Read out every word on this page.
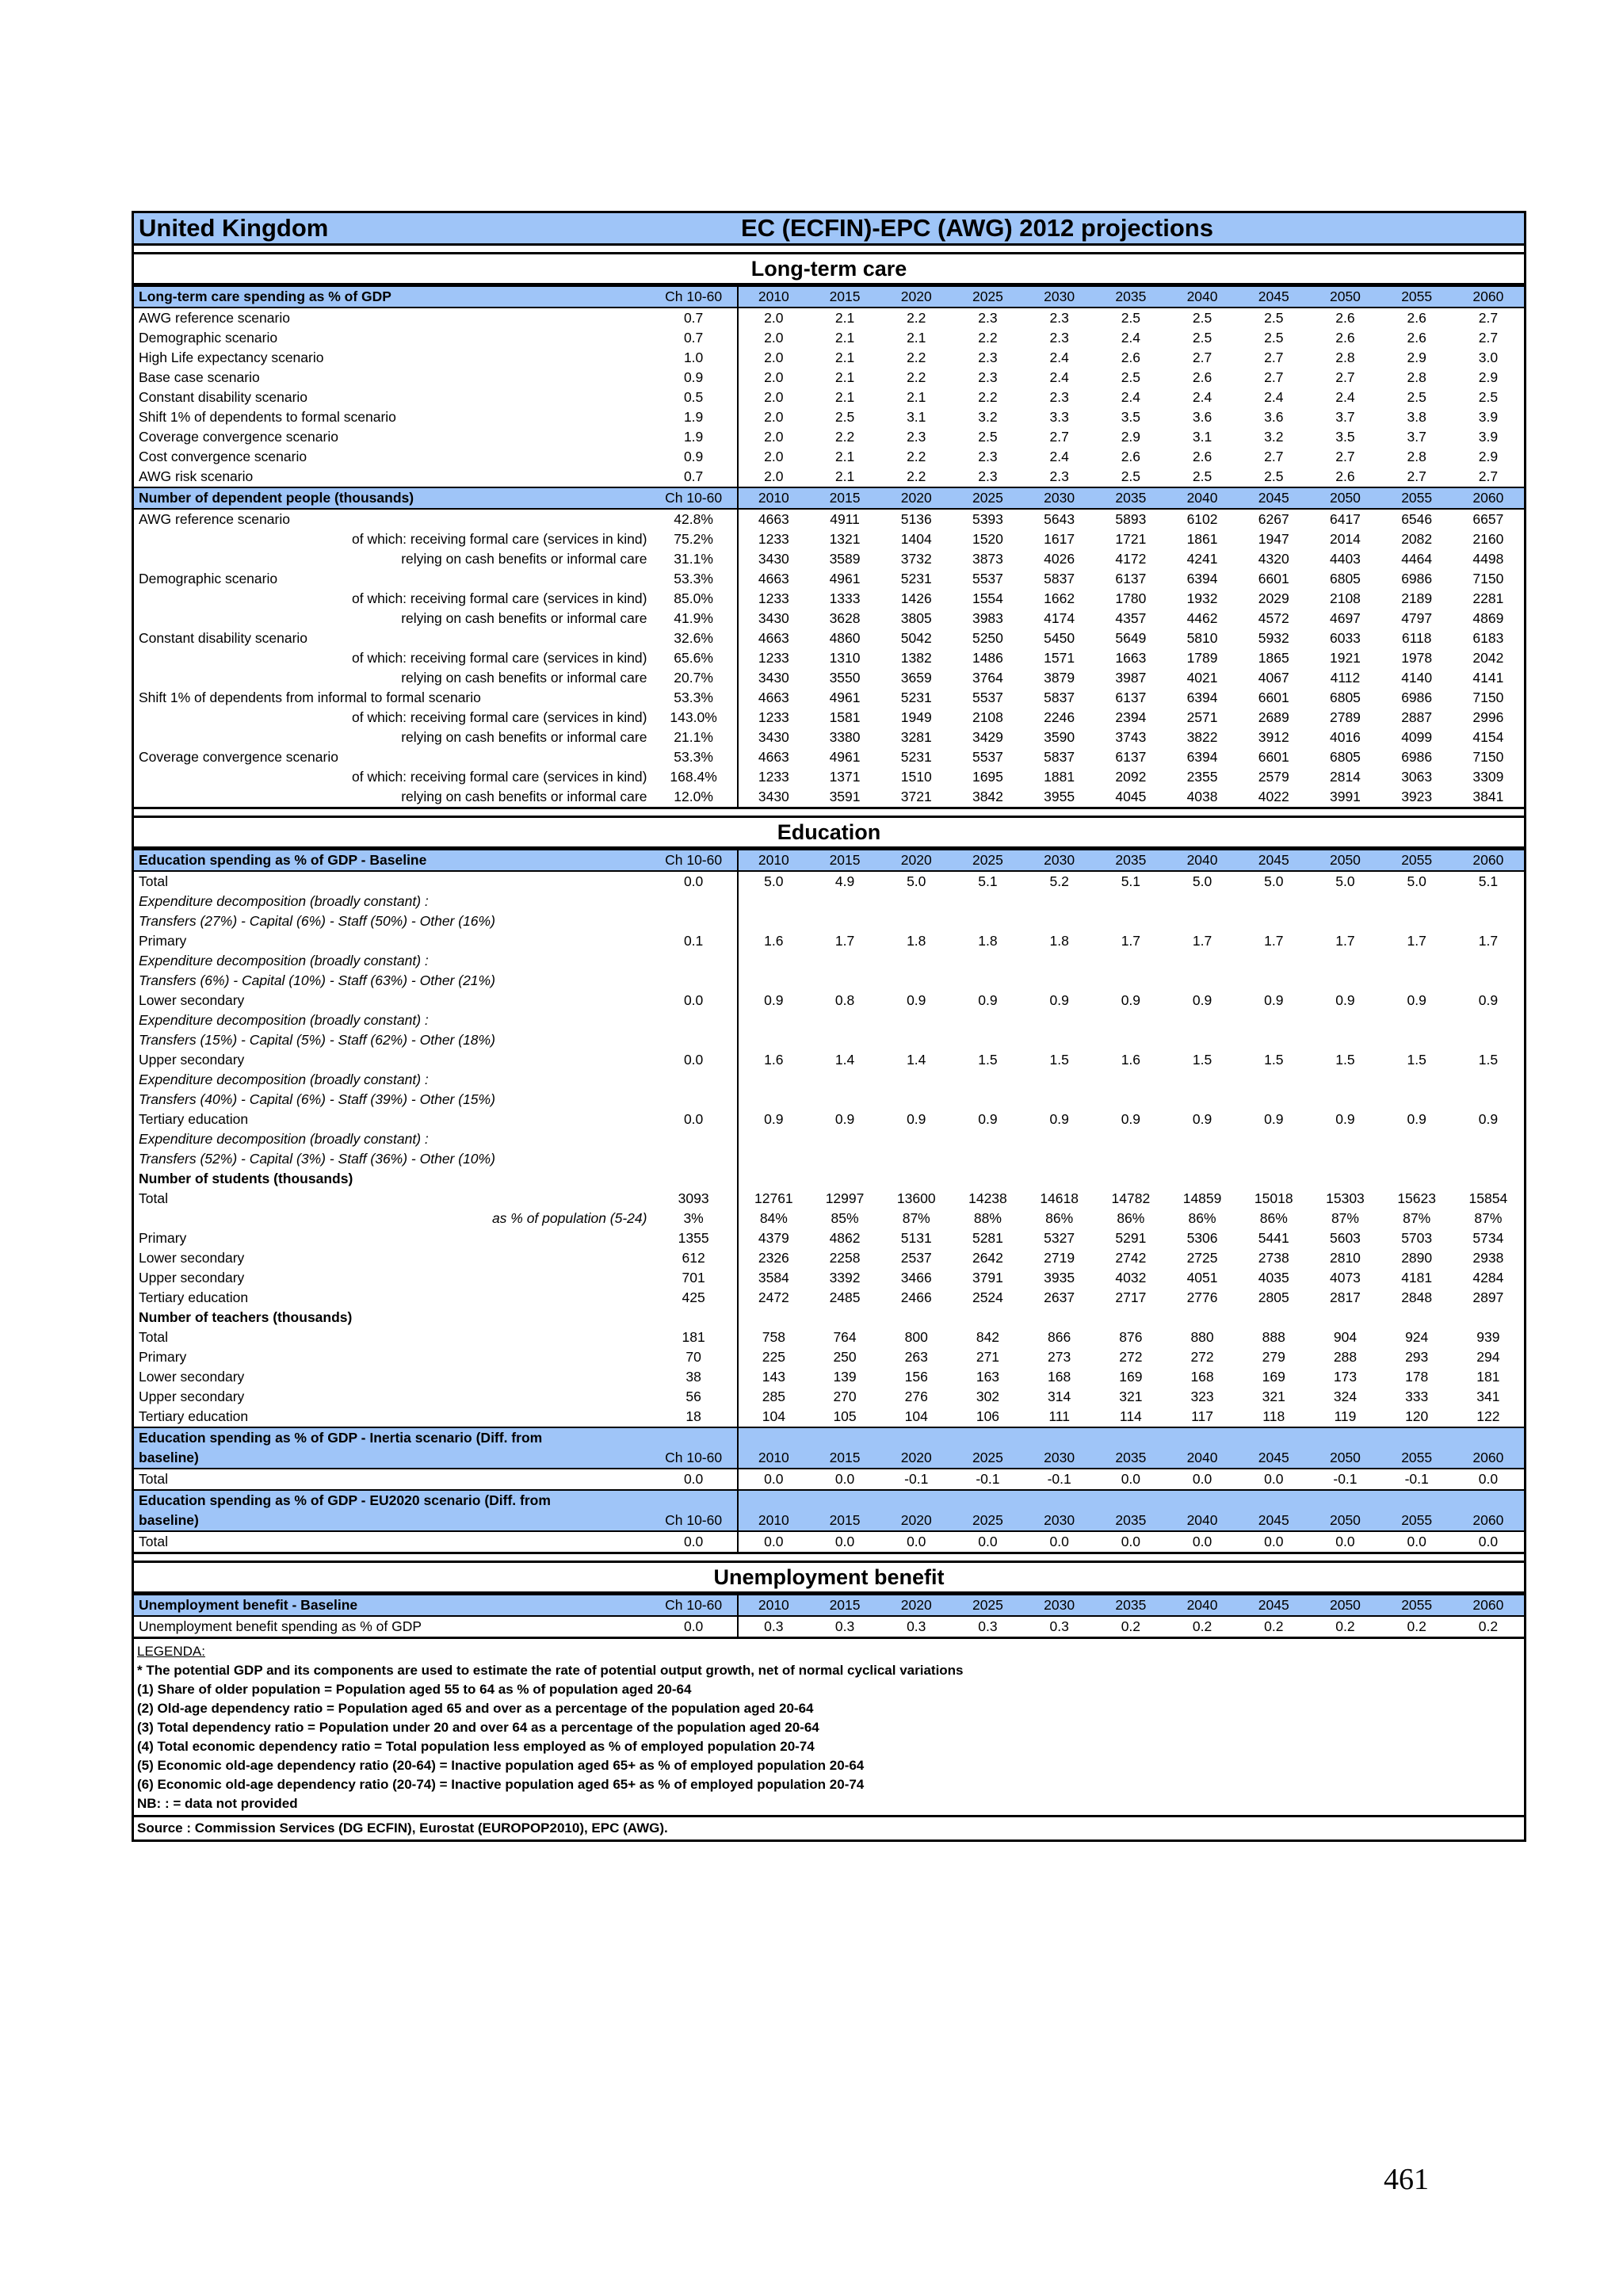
United Kingdom	EC (ECFIN)-EPC (AWG) 2012 projections
Long-term care
Long-term care spending as % of GDP	Ch 10-60	2010	2015	2020	2025	2030	2035	2040	2045	2050	2055	2060
AWG reference scenario	0.7	2.0	2.1	2.2	2.3	2.3	2.5	2.5	2.5	2.6	2.6	2.7
Demographic scenario	0.7	2.0	2.1	2.1	2.2	2.3	2.4	2.5	2.5	2.6	2.6	2.7
High Life expectancy scenario	1.0	2.0	2.1	2.2	2.3	2.4	2.6	2.7	2.7	2.8	2.9	3.0
Base case scenario	0.9	2.0	2.1	2.2	2.3	2.4	2.5	2.6	2.7	2.7	2.8	2.9
Constant disability scenario	0.5	2.0	2.1	2.1	2.2	2.3	2.4	2.4	2.4	2.4	2.5	2.5
Shift 1% of dependents to formal scenario	1.9	2.0	2.5	3.1	3.2	3.3	3.5	3.6	3.6	3.7	3.8	3.9
Coverage convergence scenario	1.9	2.0	2.2	2.3	2.5	2.7	2.9	3.1	3.2	3.5	3.7	3.9
Cost convergence scenario	0.9	2.0	2.1	2.2	2.3	2.4	2.6	2.6	2.7	2.7	2.8	2.9
AWG risk scenario	0.7	2.0	2.1	2.2	2.3	2.3	2.5	2.5	2.5	2.6	2.7	2.7
Number of dependent people (thousands)	Ch 10-60	2010	2015	2020	2025	2030	2035	2040	2045	2050	2055	2060
AWG reference scenario	42.8%	4663	4911	5136	5393	5643	5893	6102	6267	6417	6546	6657
of which: receiving formal care (services in kind)	75.2%	1233	1321	1404	1520	1617	1721	1861	1947	2014	2082	2160
relying on cash benefits or informal care	31.1%	3430	3589	3732	3873	4026	4172	4241	4320	4403	4464	4498
Demographic scenario	53.3%	4663	4961	5231	5537	5837	6137	6394	6601	6805	6986	7150
of which: receiving formal care (services in kind)	85.0%	1233	1333	1426	1554	1662	1780	1932	2029	2108	2189	2281
relying on cash benefits or informal care	41.9%	3430	3628	3805	3983	4174	4357	4462	4572	4697	4797	4869
Constant disability scenario	32.6%	4663	4860	5042	5250	5450	5649	5810	5932	6033	6118	6183
of which: receiving formal care (services in kind)	65.6%	1233	1310	1382	1486	1571	1663	1789	1865	1921	1978	2042
relying on cash benefits or informal care	20.7%	3430	3550	3659	3764	3879	3987	4021	4067	4112	4140	4141
Shift 1% of dependents from informal to formal scenario	53.3%	4663	4961	5231	5537	5837	6137	6394	6601	6805	6986	7150
of which: receiving formal care (services in kind)	143.0%	1233	1581	1949	2108	2246	2394	2571	2689	2789	2887	2996
relying on cash benefits or informal care	21.1%	3430	3380	3281	3429	3590	3743	3822	3912	4016	4099	4154
Coverage convergence scenario	53.3%	4663	4961	5231	5537	5837	6137	6394	6601	6805	6986	7150
of which: receiving formal care (services in kind)	168.4%	1233	1371	1510	1695	1881	2092	2355	2579	2814	3063	3309
relying on cash benefits or informal care	12.0%	3430	3591	3721	3842	3955	4045	4038	4022	3991	3923	3841
Education
Education spending as % of GDP - Baseline	Ch 10-60	2010	2015	2020	2025	2030	2035	2040	2045	2050	2055	2060
Total	0.0	5.0	4.9	5.0	5.1	5.2	5.1	5.0	5.0	5.0	5.0	5.1
Expenditure decomposition (broadly constant) :												
Transfers (27%) - Capital (6%) - Staff (50%) - Other (16%)												
Primary	0.1	1.6	1.7	1.8	1.8	1.8	1.7	1.7	1.7	1.7	1.7	1.7
Expenditure decomposition (broadly constant) :												
Transfers (6%) - Capital (10%) - Staff (63%) - Other (21%)												
Lower secondary	0.0	0.9	0.8	0.9	0.9	0.9	0.9	0.9	0.9	0.9	0.9	0.9
Expenditure decomposition (broadly constant) :												
Transfers (15%) - Capital (5%) - Staff (62%) - Other (18%)												
Upper secondary	0.0	1.6	1.4	1.4	1.5	1.5	1.6	1.5	1.5	1.5	1.5	1.5
Expenditure decomposition (broadly constant) :												
Transfers (40%) - Capital (6%) - Staff (39%) - Other (15%)												
Tertiary education	0.0	0.9	0.9	0.9	0.9	0.9	0.9	0.9	0.9	0.9	0.9	0.9
Expenditure decomposition (broadly constant) :												
Transfers (52%) - Capital (3%) - Staff (36%) - Other (10%)												
Number of students (thousands)												
Total	3093	12761	12997	13600	14238	14618	14782	14859	15018	15303	15623	15854
as % of population (5-24)	3%	84%	85%	87%	88%	86%	86%	86%	86%	87%	87%	87%
Primary	1355	4379	4862	5131	5281	5327	5291	5306	5441	5603	5703	5734
Lower secondary	612	2326	2258	2537	2642	2719	2742	2725	2738	2810	2890	2938
Upper secondary	701	3584	3392	3466	3791	3935	4032	4051	4035	4073	4181	4284
Tertiary education	425	2472	2485	2466	2524	2637	2717	2776	2805	2817	2848	2897
Number of teachers (thousands)												
Total	181	758	764	800	842	866	876	880	888	904	924	939
Primary	70	225	250	263	271	273	272	272	279	288	293	294
Lower secondary	38	143	139	156	163	168	169	168	169	173	178	181
Upper secondary	56	285	270	276	302	314	321	323	321	324	333	341
Tertiary education	18	104	105	104	106	111	114	117	118	119	120	122
Education spending as % of GDP - Inertia scenario (Diff. from												
baseline)	Ch 10-60	2010	2015	2020	2025	2030	2035	2040	2045	2050	2055	2060
Total	0.0	0.0	0.0	-0.1	-0.1	-0.1	0.0	0.0	0.0	-0.1	-0.1	0.0
Education spending as % of GDP - EU2020 scenario (Diff. from												
baseline)	Ch 10-60	2010	2015	2020	2025	2030	2035	2040	2045	2050	2055	2060
Total	0.0	0.0	0.0	0.0	0.0	0.0	0.0	0.0	0.0	0.0	0.0	0.0
Unemployment benefit
Unemployment benefit - Baseline	Ch 10-60	2010	2015	2020	2025	2030	2035	2040	2045	2050	2055	2060
Unemployment benefit spending as % of GDP	0.0	0.3	0.3	0.3	0.3	0.3	0.2	0.2	0.2	0.2	0.2	0.2
LEGENDA:
* The potential GDP and its components are used to estimate the rate of potential output growth, net of normal cyclical variations
(1) Share of older population = Population aged 55 to 64 as % of population aged 20-64
(2) Old-age dependency ratio = Population aged 65 and over as a percentage of the population aged 20-64
(3) Total dependency ratio = Population under 20 and over 64 as a percentage of the population aged 20-64
(4) Total economic dependency ratio = Total population less employed as % of employed population 20-74
(5) Economic old-age dependency ratio (20-64) = Inactive population aged 65+ as % of employed population 20-64
(6) Economic old-age dependency ratio (20-74) = Inactive population aged 65+ as % of employed population 20-74
NB: : = data not provided
Source : Commission Services (DG ECFIN), Eurostat (EUROPOP2010), EPC (AWG).
461
